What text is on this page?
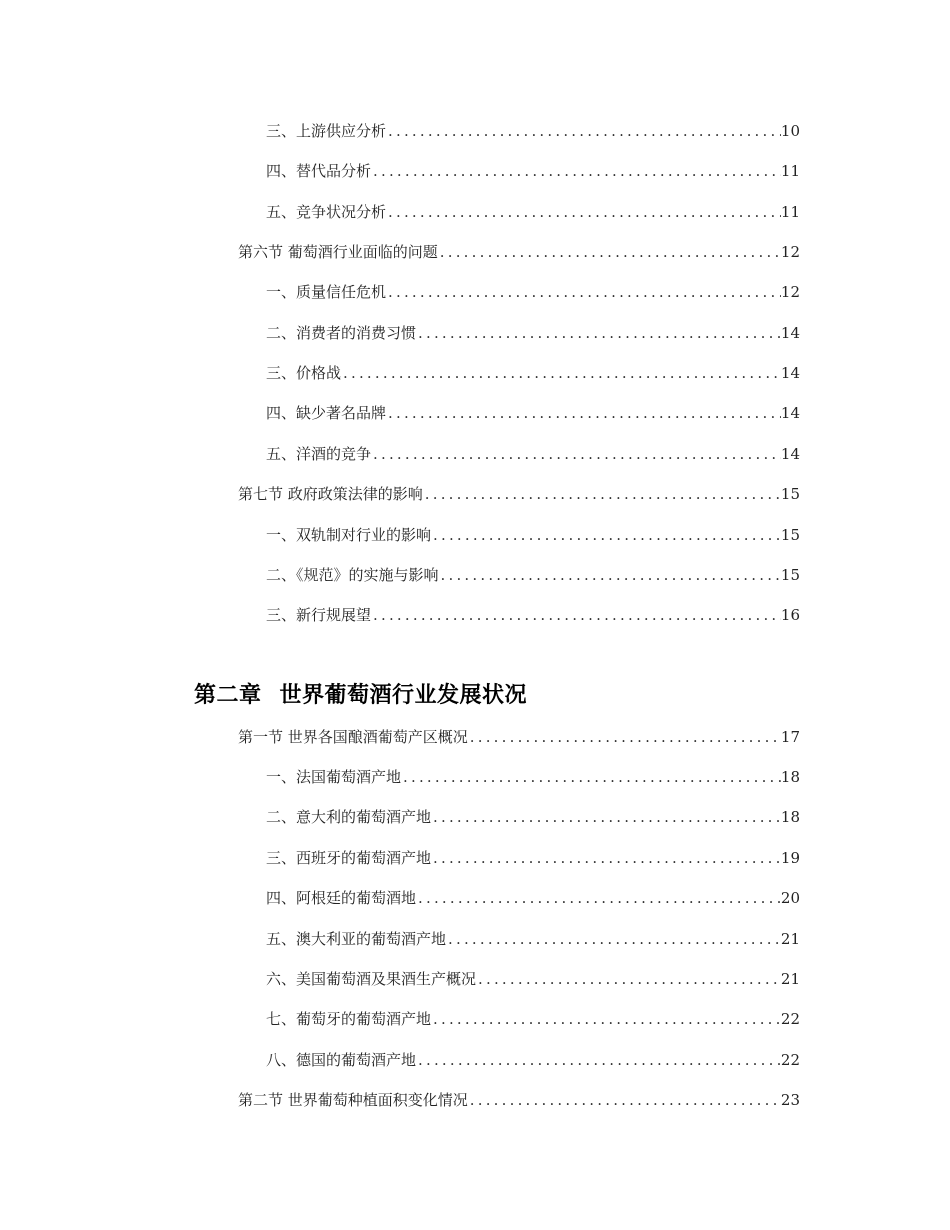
三、上游供应分析 .....	10
四、替代品分析 .....	11
五、竞争状况分析 .....	11
第六节 葡萄酒行业面临的问题 .....	12
一、质量信任危机 .....	12
二、消费者的消费习惯 .....	14
三、价格战 .....	14
四、缺少著名品牌 .....	14
五、洋酒的竞争 .....	14
第七节 政府政策法律的影响 .....	15
一、双轨制对行业的影响 .....	15
二、《规范》的实施与影响 .....	15
三、新行规展望 .....	16
第二章 世界葡萄酒行业发展状况
第一节 世界各国酿酒葡萄产区概况 .....	17
一、法国葡萄酒产地 .....	18
二、意大利的葡萄酒产地 .....	18
三、西班牙的葡萄酒产地 .....	19
四、阿根廷的葡萄酒地 .....	20
五、澳大利亚的葡萄酒产地 .....	21
六、美国葡萄酒及果酒生产概况 .....	21
七、葡萄牙的葡萄酒产地 .....	22
八、德国的葡萄酒产地 .....	22
第二节 世界葡萄种植面积变化情况 .....	23
